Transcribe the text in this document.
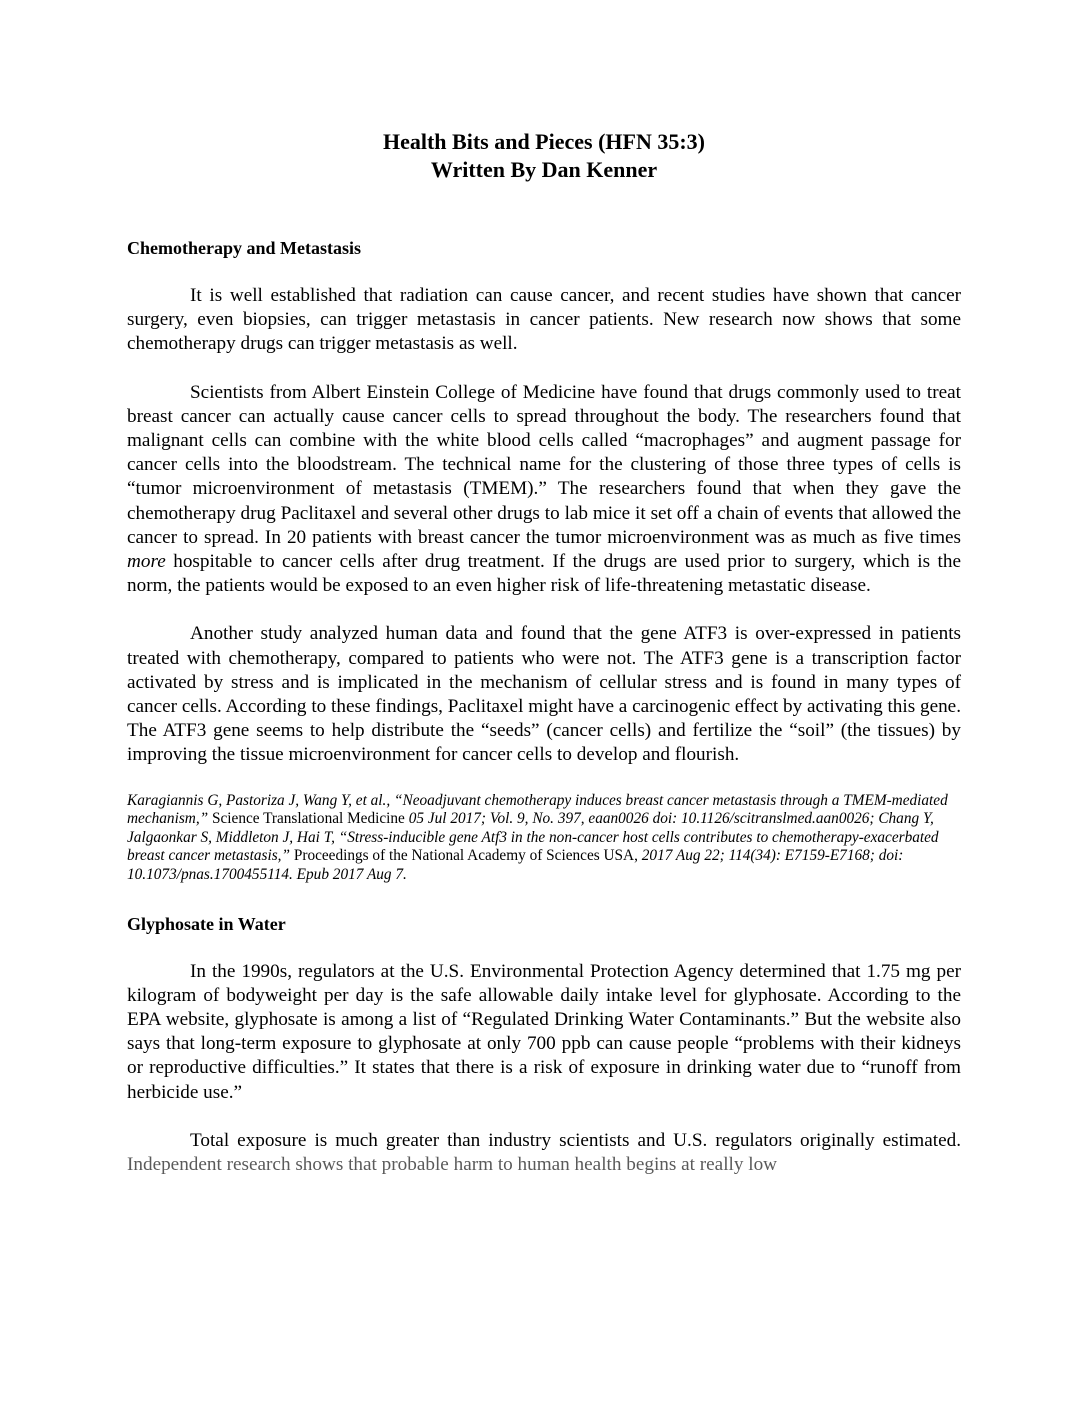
Health Bits and Pieces (HFN 35:3)
Written By Dan Kenner
Chemotherapy and Metastasis

It is well established that radiation can cause cancer, and recent studies have shown that cancer surgery, even biopsies, can trigger metastasis in cancer patients. New research now shows that some chemotherapy drugs can trigger metastasis as well.

Scientists from Albert Einstein College of Medicine have found that drugs commonly used to treat breast cancer can actually cause cancer cells to spread throughout the body. The researchers found that malignant cells can combine with the white blood cells called “macrophages” and augment passage for cancer cells into the bloodstream. The technical name for the clustering of those three types of cells is “tumor microenvironment of metastasis (TMEM).” The researchers found that when they gave the chemotherapy drug Paclitaxel and several other drugs to lab mice it set off a chain of events that allowed the cancer to spread. In 20 patients with breast cancer the tumor microenvironment was as much as five times more hospitable to cancer cells after drug treatment. If the drugs are used prior to surgery, which is the norm, the patients would be exposed to an even higher risk of life-threatening metastatic disease.

Another study analyzed human data and found that the gene ATF3 is over-expressed in patients treated with chemotherapy, compared to patients who were not. The ATF3 gene is a transcription factor activated by stress and is implicated in the mechanism of cellular stress and is found in many types of cancer cells. According to these findings, Paclitaxel might have a carcinogenic effect by activating this gene. The ATF3 gene seems to help distribute the “seeds” (cancer cells) and fertilize the “soil” (the tissues) by improving the tissue microenvironment for cancer cells to develop and flourish.

Karagiannis G, Pastoriza J, Wang Y, et al., “Neoadjuvant chemotherapy induces breast cancer metastasis through a TMEM-mediated mechanism,” Science Translational Medicine 05 Jul 2017; Vol. 9, No. 397, eaan0026 doi: 10.1126/scitranslmed.aan0026; Chang Y, Jalgaonkar S, Middleton J, Hai T, “Stress-inducible gene Atf3 in the non-cancer host cells contributes to chemotherapy-exacerbated breast cancer metastasis,” Proceedings of the National Academy of Sciences USA, 2017 Aug 22; 114(34): E7159-E7168; doi: 10.1073/pnas.1700455114. Epub 2017 Aug 7.

Glyphosate in Water

In the 1990s, regulators at the U.S. Environmental Protection Agency determined that 1.75 mg per kilogram of bodyweight per day is the safe allowable daily intake level for glyphosate. According to the EPA website, glyphosate is among a list of “Regulated Drinking Water Contaminants.” But the website also says that long-term exposure to glyphosate at only 700 ppb can cause people “problems with their kidneys or reproductive difficulties.” It states that there is a risk of exposure in drinking water due to “runoff from herbicide use.”

Total exposure is much greater than industry scientists and U.S. regulators originally estimated. Independent research shows that probable harm to human health begins at really low
